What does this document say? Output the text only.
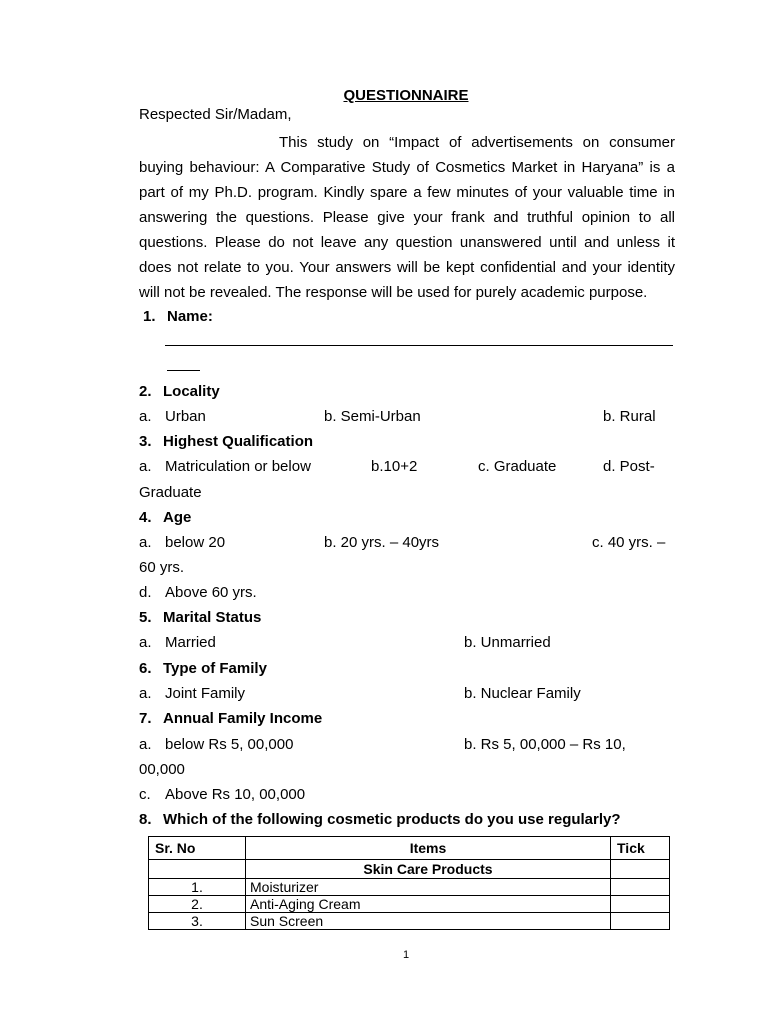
QUESTIONNAIRE
Respected Sir/Madam,
This study on “Impact of advertisements on consumer buying behaviour: A Comparative Study of Cosmetics Market in Haryana” is a part of my Ph.D. program. Kindly spare a few minutes of your valuable time in answering the questions. Please give your frank and truthful opinion to all questions. Please do not leave any question unanswered until and unless it does not relate to you. Your answers will be kept confidential and your identity will not be revealed. The response will be used for purely academic purpose.
1. Name:
2. Locality
a. Urban	b. Semi-Urban	b. Rural
3. Highest Qualification
a. Matriculation or below	b.10+2	c. Graduate	d. Post-
Graduate
4. Age
a. below 20	b. 20 yrs. – 40yrs	c. 40 yrs. –
60 yrs.
d. Above 60 yrs.
5. Marital Status
a. Married	b. Unmarried
6. Type of Family
a. Joint Family	b. Nuclear Family
7. Annual Family Income
a. below Rs 5, 00,000	b. Rs 5, 00,000 – Rs 10,
00,000
c. Above Rs 10, 00,000
8. Which of the following cosmetic products do you use regularly?
Sr. No	Items	Tick
	Skin Care Products	
1.	Moisturizer	
2.	Anti-Aging Cream	
3.	Sun Screen	
1
